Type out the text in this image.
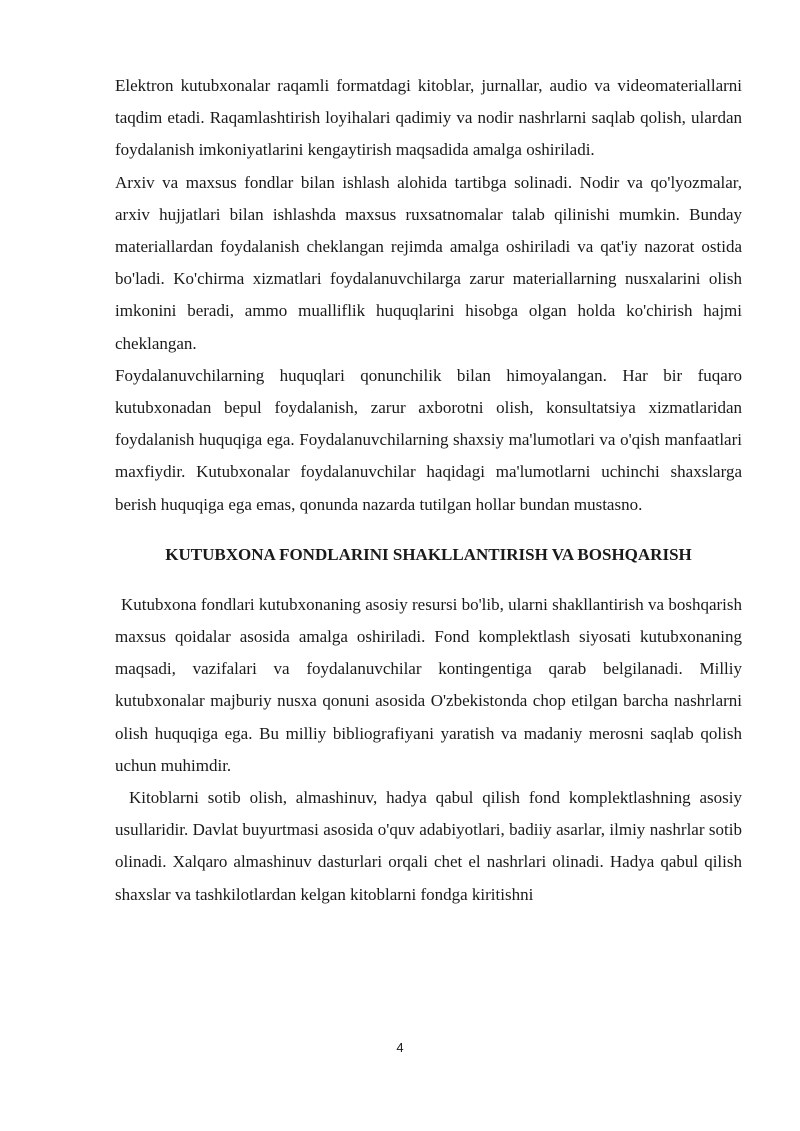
Elektron kutubxonalar raqamli formatdagi kitoblar, jurnallar, audio va videomateriallarni taqdim etadi. Raqamlashtirish loyihalari qadimiy va nodir nashrlarni saqlab qolish, ulardan foydalanish imkoniyatlarini kengaytirish maqsadida amalga oshiriladi.

Arxiv va maxsus fondlar bilan ishlash alohida tartibga solinadi. Nodir va qo'lyozmalar, arxiv hujjatlari bilan ishlashda maxsus ruxsatnomalar talab qilinishi mumkin. Bunday materiallardan foydalanish cheklangan rejimda amalga oshiriladi va qat'iy nazorat ostida bo'ladi. Ko'chirma xizmatlari foydalanuvchilarga zarur materiallarning nusxalarini olish imkonini beradi, ammo mualliflik huquqlarini hisobga olgan holda ko'chirish hajmi cheklangan.

Foydalanuvchilarning huquqlari qonunchilik bilan himoyalangan. Har bir fuqaro kutubxonadan bepul foydalanish, zarur axborotni olish, konsultatsiya xizmatlaridan foydalanish huquqiga ega. Foydalanuvchilarning shaxsiy ma'lumotlari va o'qish manfaatlari maxfiydir. Kutubxonalar foydalanuvchilar haqidagi ma'lumotlarni uchinchi shaxslarga berish huquqiga ega emas, qonunda nazarda tutilgan hollar bundan mustasno.

KUTUBXONA FONDLARINI SHAKLLANTIRISH VA BOSHQARISH

Kutubxona fondlari kutubxonaning asosiy resursi bo'lib, ularni shakllantirish va boshqarish maxsus qoidalar asosida amalga oshiriladi. Fond komplektlash siyosati kutubxonaning maqsadi, vazifalari va foydalanuvchilar kontingentiga qarab belgilanadi. Milliy kutubxonalar majburiy nusxa qonuni asosida O'zbekistonda chop etilgan barcha nashrlarni olish huquqiga ega. Bu milliy bibliografiyani yaratish va madaniy merosni saqlab qolish uchun muhimdir.

Kitoblarni sotib olish, almashinuv, hadya qabul qilish fond komplektlashning asosiy usullaridir. Davlat buyurtmasi asosida o'quv adabiyotlari, badiiy asarlar, ilmiy nashrlar sotib olinadi. Xalqaro almashinuv dasturlari orqali chet el nashrlari olinadi. Hadya qabul qilish shaxslar va tashkilotlardan kelgan kitoblarni fondga kiritishni

4
